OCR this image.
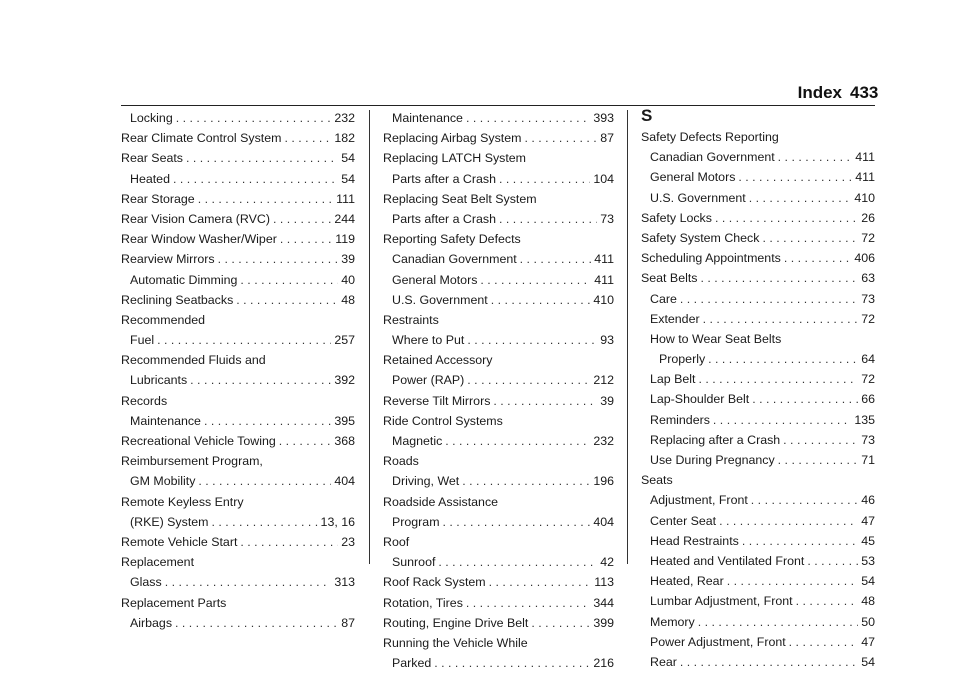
Index 433
Locking . . .	232
Rear Climate Control System . . .	182
Rear Seats . . .	54
Heated . . .	54
Rear Storage . . .	111
Rear Vision Camera (RVC) . . .	244
Rear Window Washer/Wiper . . .	119
Rearview Mirrors . . .	39
Automatic Dimming . . .	40
Reclining Seatbacks . . .	48
Recommended
Fuel . . .	257
Recommended Fluids and
Lubricants . . .	392
Records
Maintenance . . .	395
Recreational Vehicle Towing . . .	368
Reimbursement Program,
GM Mobility . . .	404
Remote Keyless Entry
(RKE) System . . .	13, 16
Remote Vehicle Start . . .	23
Replacement
Glass . . .	313
Replacement Parts
Airbags . . .	87
Maintenance . . .	393
Replacing Airbag System . . .	87
Replacing LATCH System
Parts after a Crash . . .	104
Replacing Seat Belt System
Parts after a Crash . . .	73
Reporting Safety Defects
Canadian Government . . .	411
General Motors . . .	411
U.S. Government . . .	410
Restraints
Where to Put . . .	93
Retained Accessory
Power (RAP) . . .	212
Reverse Tilt Mirrors . . .	39
Ride Control Systems
Magnetic . . .	232
Roads
Driving, Wet . . .	196
Roadside Assistance
Program . . .	404
Roof
Sunroof . . .	42
Roof Rack System . . .	113
Rotation, Tires . . .	344
Routing, Engine Drive Belt . . .	399
Running the Vehicle While
Parked . . .	216
S
Safety Defects Reporting
Canadian Government . . .	411
General Motors . . .	411
U.S. Government . . .	410
Safety Locks . . .	26
Safety System Check . . .	72
Scheduling Appointments . . .	406
Seat Belts . . .	63
Care . . .	73
Extender . . .	72
How to Wear Seat Belts
Properly . . .	64
Lap Belt . . .	72
Lap-Shoulder Belt . . .	66
Reminders . . .	135
Replacing after a Crash . . .	73
Use During Pregnancy . . .	71
Seats
Adjustment, Front . . .	46
Center Seat . . .	47
Head Restraints . . .	45
Heated and Ventilated Front . . .	53
Heated, Rear . . .	54
Lumbar Adjustment, Front . . .	48
Memory . . .	50
Power Adjustment, Front . . .	47
Rear . . .	54
